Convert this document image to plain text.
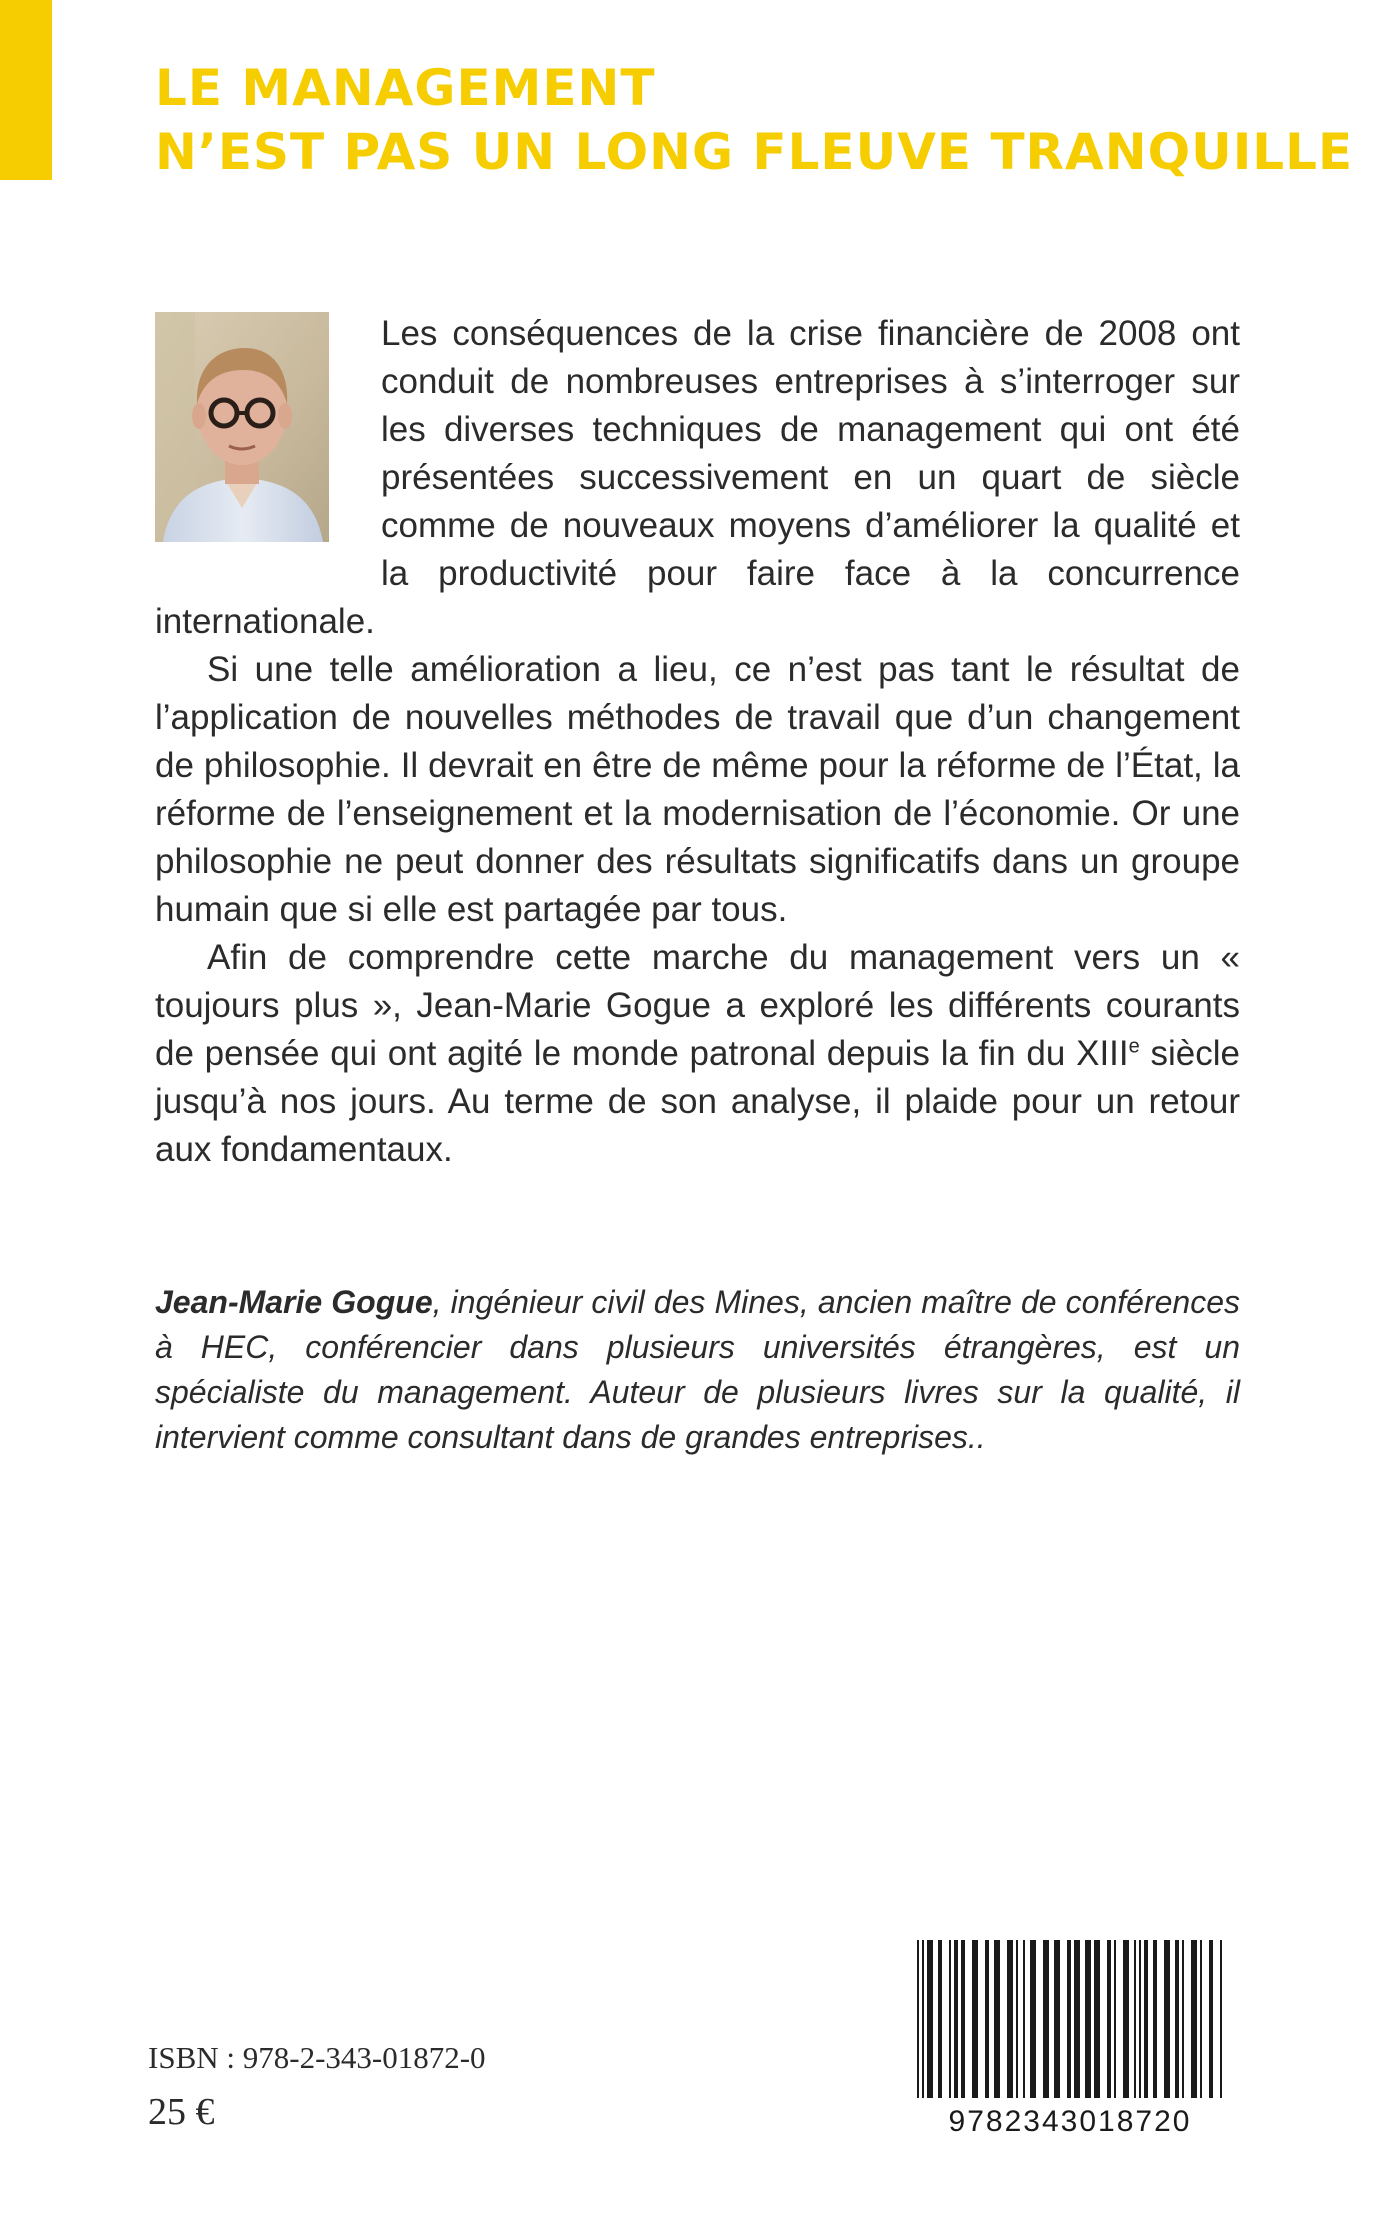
LE MANAGEMENT
N’EST PAS UN LONG FLEUVE TRANQUILLE

Les conséquences de la crise financière de 2008 ont conduit de nombreuses entreprises à s’interroger sur les diverses techniques de management qui ont été présentées successivement en un quart de siècle comme de nouveaux moyens d’améliorer la qualité et la productivité pour faire face à la concurrence internationale.

Si une telle amélioration a lieu, ce n’est pas tant le résultat de l’application de nouvelles méthodes de travail que d’un changement de philosophie. Il devrait en être de même pour la réforme de l’État, la réforme de l’enseignement et la modernisation de l’économie. Or une philosophie ne peut donner des résultats significatifs dans un groupe humain que si elle est partagée par tous.

Afin de comprendre cette marche du management vers un « toujours plus », Jean-Marie Gogue a exploré les différents courants de pensée qui ont agité le monde patronal depuis la fin du XIIIe siècle jusqu’à nos jours. Au terme de son analyse, il plaide pour un retour aux fondamentaux.

Jean-Marie Gogue, ingénieur civil des Mines, ancien maître de conférences à HEC, conférencier dans plusieurs universités étrangères, est un spécialiste du management. Auteur de plusieurs livres sur la qualité, il intervient comme consultant dans de grandes entreprises..

ISBN : 978-2-343-01872-0
25 €	9782343018720
